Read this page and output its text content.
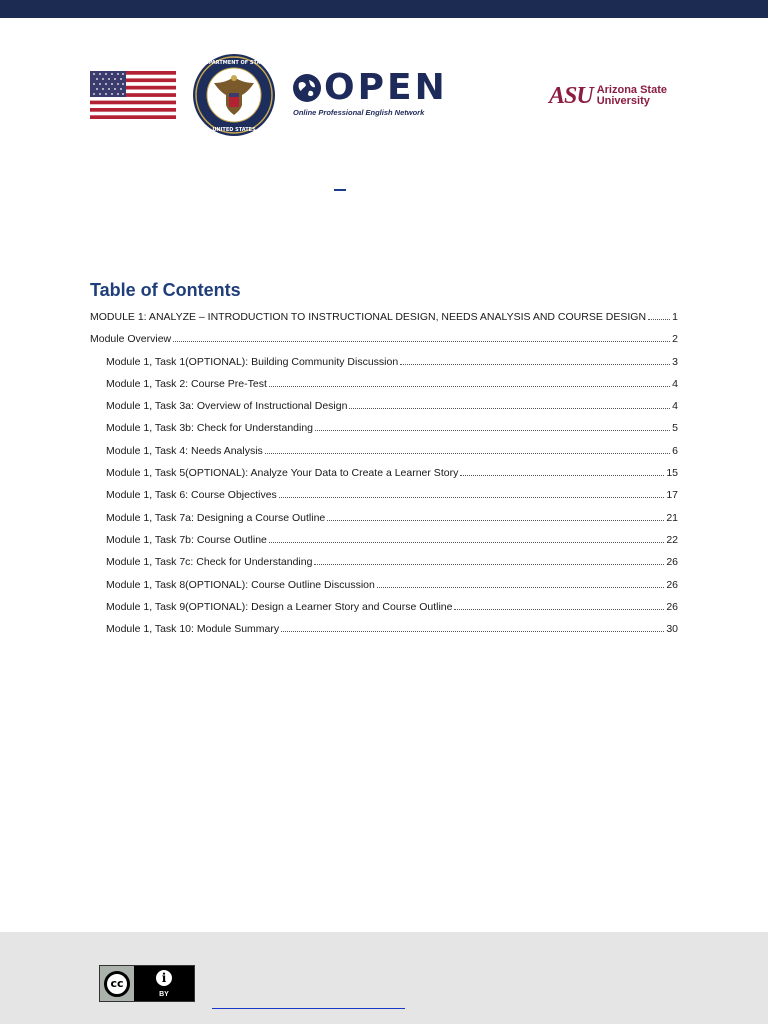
DEPARTMENT OF STATE
UNITED STATES
OPEN
Online Professional English Network
ASU Arizona State
University
Table of Contents
MODULE 1: ANALYZE – INTRODUCTION TO INSTRUCTIONAL DESIGN, NEEDS ANALYSIS AND COURSE DESIGN 1
Module Overview	2
Module 1, Task 1(OPTIONAL): Building Community Discussion	3
Module 1, Task 2: Course Pre-Test	4
Module 1, Task 3a: Overview of Instructional Design	4
Module 1, Task 3b: Check for Understanding	5
Module 1, Task 4: Needs Analysis	6
Module 1, Task 5(OPTIONAL): Analyze Your Data to Create a Learner Story	15
Module 1, Task 6: Course Objectives	17
Module 1, Task 7a: Designing a Course Outline	21
Module 1, Task 7b: Course Outline	22
Module 1, Task 7c: Check for Understanding	26
Module 1, Task 8(OPTIONAL): Course Outline Discussion	26
Module 1, Task 9(OPTIONAL): Design a Learner Story and Course Outline	26
Module 1, Task 10: Module Summary	30
cc	i
BY
